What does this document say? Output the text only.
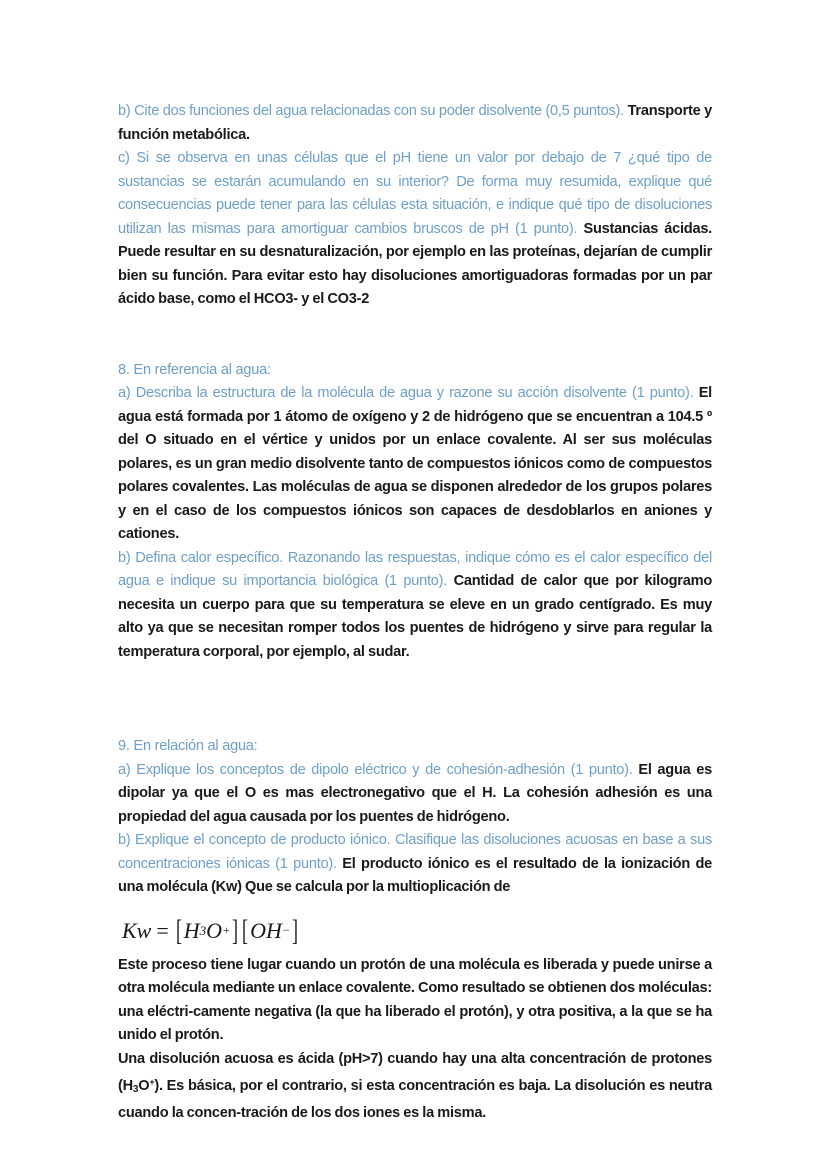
b) Cite dos funciones del agua relacionadas con su poder disolvente (0,5 puntos). Transporte y función metabólica.

c) Si se observa en unas células que el pH tiene un valor por debajo de 7 ¿qué tipo de sustancias se estarán acumulando en su interior? De forma muy resumida, explique qué consecuencias puede tener para las células esta situación, e indique qué tipo de disoluciones utilizan las mismas para amortiguar cambios bruscos de pH (1 punto). Sustancias ácidas. Puede resultar en su desnaturalización, por ejemplo en las proteínas, dejarían de cumplir bien su función. Para evitar esto hay disoluciones amortiguadoras formadas por un par ácido base, como el HCO3- y el CO3-2

8. En referencia al agua:

a) Describa la estructura de la molécula de agua y razone su acción disolvente (1 punto). El agua está formada por 1 átomo de oxígeno y 2 de hidrógeno que se encuentran a 104.5 º del O situado en el vértice y unidos por un enlace covalente. Al ser sus moléculas polares, es un gran medio disolvente tanto de compuestos iónicos como de compuestos polares covalentes. Las moléculas de agua se disponen alrededor de los grupos polares y en el caso de los compuestos iónicos son capaces de desdoblarlos en aniones y cationes.

b) Defina calor específico. Razonando las respuestas, indique cómo es el calor específico del agua e indique su importancia biológica (1 punto). Cantidad de calor que por kilogramo necesita un cuerpo para que su temperatura se eleve en un grado centígrado. Es muy alto ya que se necesitan romper todos los puentes de hidrógeno y sirve para regular la temperatura corporal, por ejemplo, al sudar.

9. En relación al agua:

a) Explique los conceptos de dipolo eléctrico y de cohesión-adhesión (1 punto). El agua es dipolar ya que el O es mas electronegativo que el H. La cohesión adhesión es una propiedad del agua causada por los puentes de hidrógeno.

b) Explique el concepto de producto iónico. Clasifique las disoluciones acuosas en base a sus concentraciones iónicas (1 punto). El producto iónico es el resultado de la ionización de una molécula (Kw) Que se calcula por la multioplicación de

Kw = [ H 3 O + ] [ OH − ]

Este proceso tiene lugar cuando un protón de una molécula es liberada y puede unirse a otra molécula mediante un enlace covalente. Como resultado se obtienen dos moléculas: una eléctri-camente negativa (la que ha liberado el protón), y otra positiva, a la que se ha unido el protón.

Una disolución acuosa es ácida (pH>7) cuando hay una alta concentración de protones $(H_3O^+)$. Es básica, por el contrario, si esta concentración es baja. La disolución es neutra cuando la concen-tración de los dos iones es la misma.
